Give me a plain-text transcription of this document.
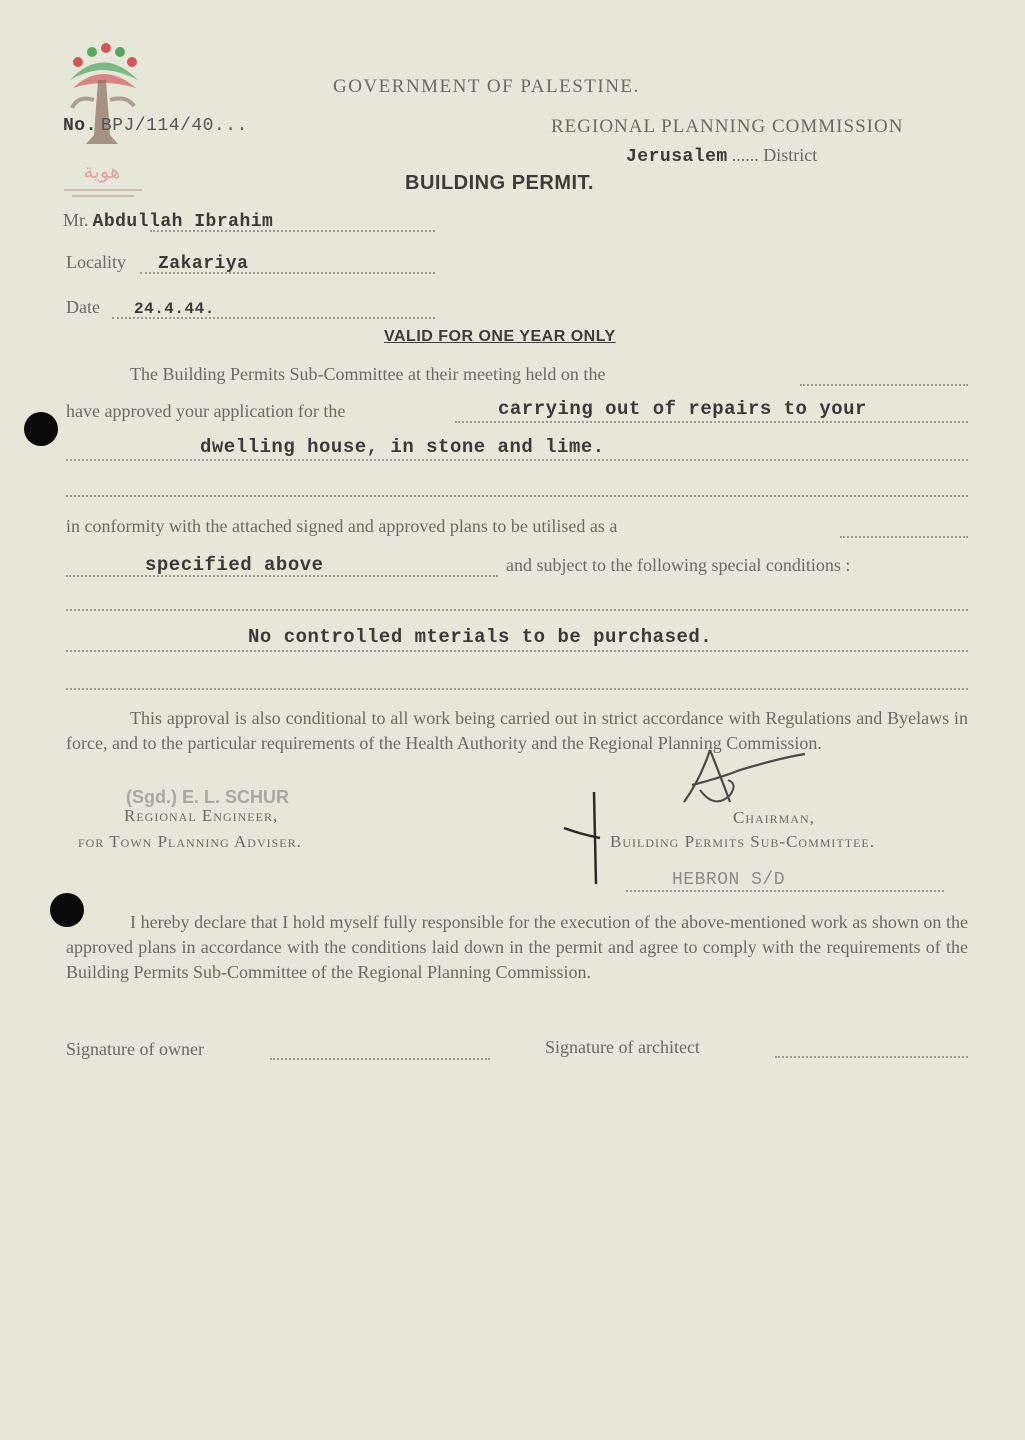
هوية
GOVERNMENT OF PALESTINE.
No. BPJ/114/40...	REGIONAL PLANNING COMMISSION
Jerusalem ...... District
BUILDING PERMIT.
Mr. Abdullah Ibrahim
Locality Zakariya
Date 24.4.44.
VALID FOR ONE YEAR ONLY
The Building Permits Sub-Committee at their meeting held on the
have approved your application for the	carrying out of repairs to your
dwelling house, in stone and lime.
in conformity with the attached signed and approved plans to be utilised as a
specified above	and subject to the following special conditions :
No controlled mterials to be purchased.
This approval is also conditional to all work being carried out in strict accordance with Regulations and Byelaws in force, and to the particular requirements of the Health Authority and the Regional Planning Commission.
(Sgd.) E. L. SCHUR
Regional Engineer,
for Town Planning Adviser.
Chairman,
Building Permits Sub-Committee.
HEBRON S/D
I hereby declare that I hold myself fully responsible for the execution of the above-mentioned work as shown on the approved plans in accordance with the conditions laid down in the permit and agree to comply with the requirements of the Building Permits Sub-Committee of the Regional Planning Commission.
Signature of owner	Signature of architect
